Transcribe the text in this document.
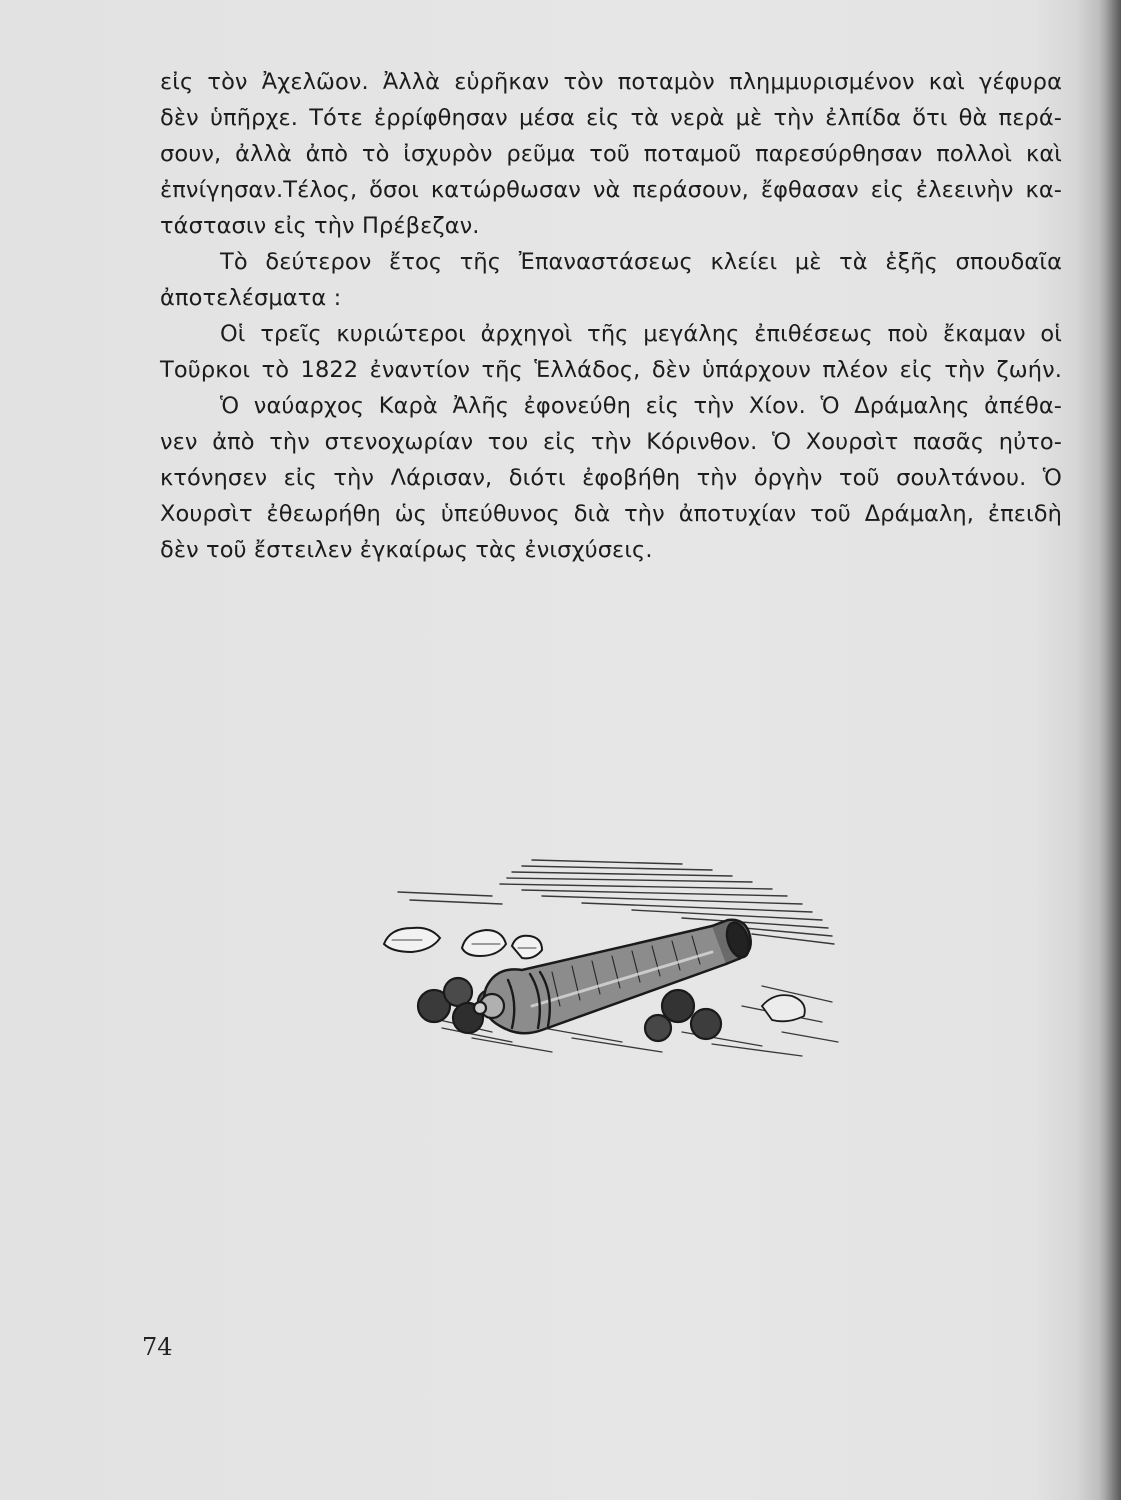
εἰς τὸν Ἀχελῶον. Ἀλλὰ εὑρῆκαν τὸν ποταμὸν πλημμυρισμένον καὶ γέφυρα
δὲν ὑπῆρχε. Τότε ἐρρίφθησαν μέσα εἰς τὰ νερὰ μὲ τὴν ἐλπίδα ὅτι θὰ περά-
σουν, ἀλλὰ ἀπὸ τὸ ἰσχυρὸν ρεῦμα τοῦ ποταμοῦ παρεσύρθησαν πολλοὶ καὶ
ἐπνίγησαν.Τέλος, ὅσοι κατώρθωσαν νὰ περάσουν, ἔφθασαν εἰς ἐλεεινὴν κα-
τάστασιν εἰς τὴν Πρέβεζαν.

Τὸ δεύτερον ἔτος τῆς Ἐπαναστάσεως κλείει μὲ τὰ ἑξῆς σπουδαῖα
ἀποτελέσματα :

Οἱ τρεῖς κυριώτεροι ἀρχηγοὶ τῆς μεγάλης ἐπιθέσεως ποὺ ἔκαμαν οἱ
Τοῦρκοι τὸ 1822 ἐναντίον τῆς Ἑλλάδος, δὲν ὑπάρχουν πλέον εἰς τὴν ζωήν.

Ὁ ναύαρχος Καρὰ Ἀλῆς ἐφονεύθη εἰς τὴν Χίον. Ὁ Δράμαλης ἀπέθα-
νεν ἀπὸ τὴν στενοχωρίαν του εἰς τὴν Κόρινθον. Ὁ Χουρσὶτ πασᾶς ηὐτο-
κτόνησεν εἰς τὴν Λάρισαν, διότι ἐφοβήθη τὴν ὀργὴν τοῦ σουλτάνου. Ὁ
Χουρσὶτ ἐθεωρήθη ὡς ὑπεύθυνος διὰ τὴν ἀποτυχίαν τοῦ Δράμαλη, ἐπειδὴ
δὲν τοῦ ἔστειλεν ἐγκαίρως τὰς ἐνισχύσεις.

74
